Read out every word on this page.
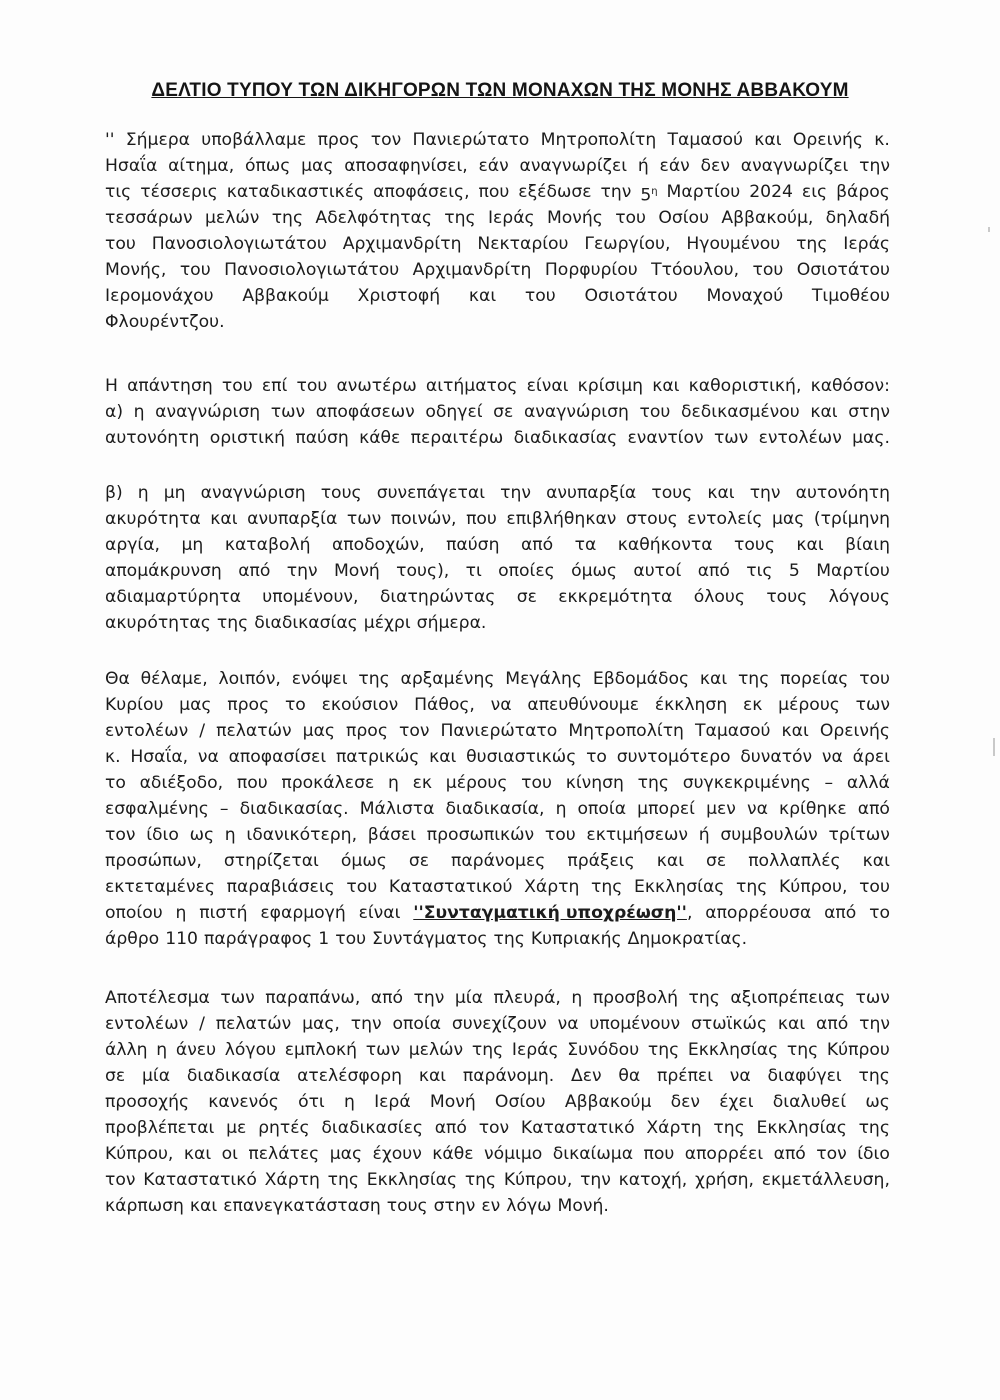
ΔΕΛΤΙΟ ΤΥΠΟΥ ΤΩΝ ΔΙΚΗΓΟΡΩΝ ΤΩΝ ΜΟΝΑΧΩΝ ΤΗΣ ΜΟΝΗΣ ΑΒΒΑΚΟΥΜ
'' Σήμερα υποβάλλαμε προς τον Πανιερώτατο Μητροπολίτη Ταμασού και Ορεινής κ.
Ησαΐα αίτημα, όπως μας αποσαφηνίσει, εάν αναγνωρίζει ή εάν δεν αναγνωρίζει την
τις τέσσερις καταδικαστικές αποφάσεις, που εξέδωσε την $5^\eta$ Μαρτίου 2024 εις βάρος
τεσσάρων μελών της Αδελφότητας της Ιεράς Μονής του Οσίου Αββακούμ, δηλαδή
του Πανοσιολογιωτάτου Αρχιμανδρίτη Νεκταρίου Γεωργίου, Ηγουμένου της Ιεράς
Μονής, του Πανοσιολογιωτάτου Αρχιμανδρίτη Πορφυρίου Ττόουλου, του Οσιοτάτου
Ιερομονάχου Αββακούμ Χριστοφή και του Οσιοτάτου Μοναχού Τιμοθέου
Φλουρέντζου.
Η απάντηση του επί του ανωτέρω αιτήματος είναι κρίσιμη και καθοριστική, καθόσον:
α) η αναγνώριση των αποφάσεων οδηγεί σε αναγνώριση του δεδικασμένου και στην
αυτονόητη οριστική παύση κάθε περαιτέρω διαδικασίας εναντίον των εντολέων μας.
β) η μη αναγνώριση τους συνεπάγεται την ανυπαρξία τους και την αυτονόητη
ακυρότητα και ανυπαρξία των ποινών, που επιβλήθηκαν στους εντολείς μας (τρίμηνη
αργία, μη καταβολή αποδοχών, παύση από τα καθήκοντα τους και βίαιη
απομάκρυνση από την Μονή τους), τι οποίες όμως αυτοί από τις 5 Μαρτίου
αδιαμαρτύρητα υπομένουν, διατηρώντας σε εκκρεμότητα όλους τους λόγους
ακυρότητας της διαδικασίας μέχρι σήμερα.
Θα θέλαμε, λοιπόν, ενόψει της αρξαμένης Μεγάλης Εβδομάδος και της πορείας του
Κυρίου μας προς το εκούσιον Πάθος, να απευθύνουμε έκκληση εκ μέρους των
εντολέων / πελατών μας προς τον Πανιερώτατο Μητροπολίτη Ταμασού και Ορεινής
κ. Ησαΐα, να αποφασίσει πατρικώς και θυσιαστικώς το συντομότερο δυνατόν να άρει
το αδιέξοδο, που προκάλεσε η εκ μέρους του κίνηση της συγκεκριμένης – αλλά
εσφαλμένης – διαδικασίας. Μάλιστα διαδικασία, η οποία μπορεί μεν να κρίθηκε από
τον ίδιο ως η ιδανικότερη, βάσει προσωπικών του εκτιμήσεων ή συμβουλών τρίτων
προσώπων, στηρίζεται όμως σε παράνομες πράξεις και σε πολλαπλές και
εκτεταμένες παραβιάσεις του Καταστατικού Χάρτη της Εκκλησίας της Κύπρου, του
οποίου η πιστή εφαρμογή είναι ''Συνταγματική υποχρέωση'', απορρέουσα από το
άρθρο 110 παράγραφος 1 του Συντάγματος της Κυπριακής Δημοκρατίας.
Αποτέλεσμα των παραπάνω, από την μία πλευρά, η προσβολή της αξιοπρέπειας των
εντολέων / πελατών μας, την οποία συνεχίζουν να υπομένουν στωϊκώς και από την
άλλη η άνευ λόγου εμπλοκή των μελών της Ιεράς Συνόδου της Εκκλησίας της Κύπρου
σε μία διαδικασία ατελέσφορη και παράνομη. Δεν θα πρέπει να διαφύγει της
προσοχής κανενός ότι η Ιερά Μονή Οσίου Αββακούμ δεν έχει διαλυθεί ως
προβλέπεται με ρητές διαδικασίες από τον Καταστατικό Χάρτη της Εκκλησίας της
Κύπρου, και οι πελάτες μας έχουν κάθε νόμιμο δικαίωμα που απορρέει από τον ίδιο
τον Καταστατικό Χάρτη της Εκκλησίας της Κύπρου, την κατοχή, χρήση, εκμετάλλευση,
κάρπωση και επανεγκατάσταση τους στην εν λόγω Μονή.
